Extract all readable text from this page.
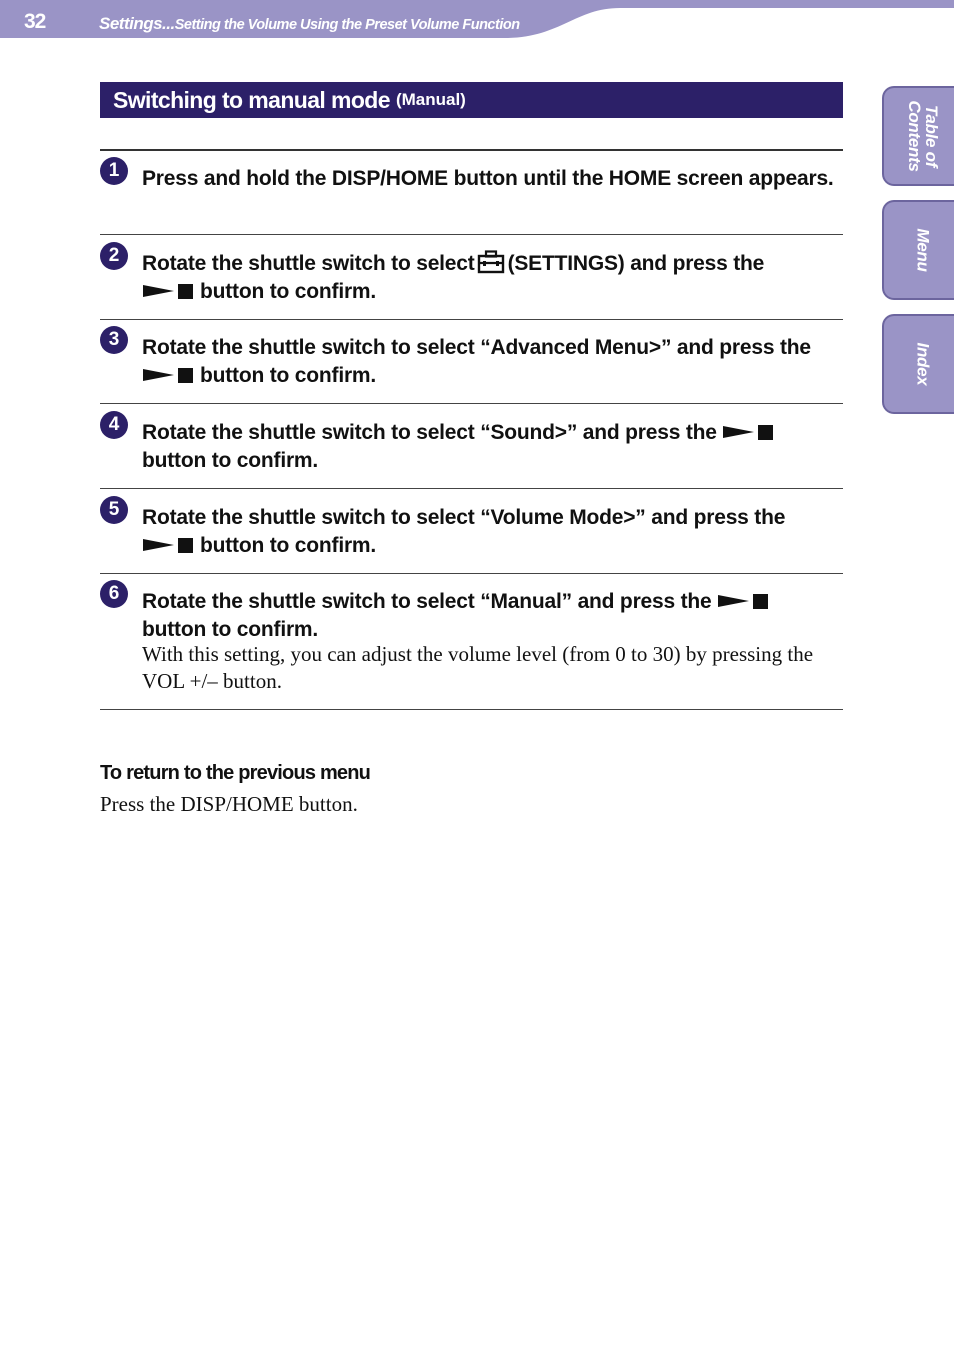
32	Settings...Setting the Volume Using the Preset Volume Function
Table of
Contents
Menu
Index
Switching to manual mode (Manual)
1	Press and hold the DISP/HOME button until the HOME screen appears.
2	Rotate the shuttle switch to select (SETTINGS) and press the
button to confirm.
3	Rotate the shuttle switch to select “Advanced Menu>” and press the
button to confirm.
4	Rotate the shuttle switch to select “Sound>” and press the
button to confirm.
5	Rotate the shuttle switch to select “Volume Mode>” and press the
button to confirm.
6	Rotate the shuttle switch to select “Manual” and press the
button to confirm.
With this setting, you can adjust the volume level (from 0 to 30) by pressing the VOL +/– button.
To return to the previous menu
Press the DISP/HOME button.
